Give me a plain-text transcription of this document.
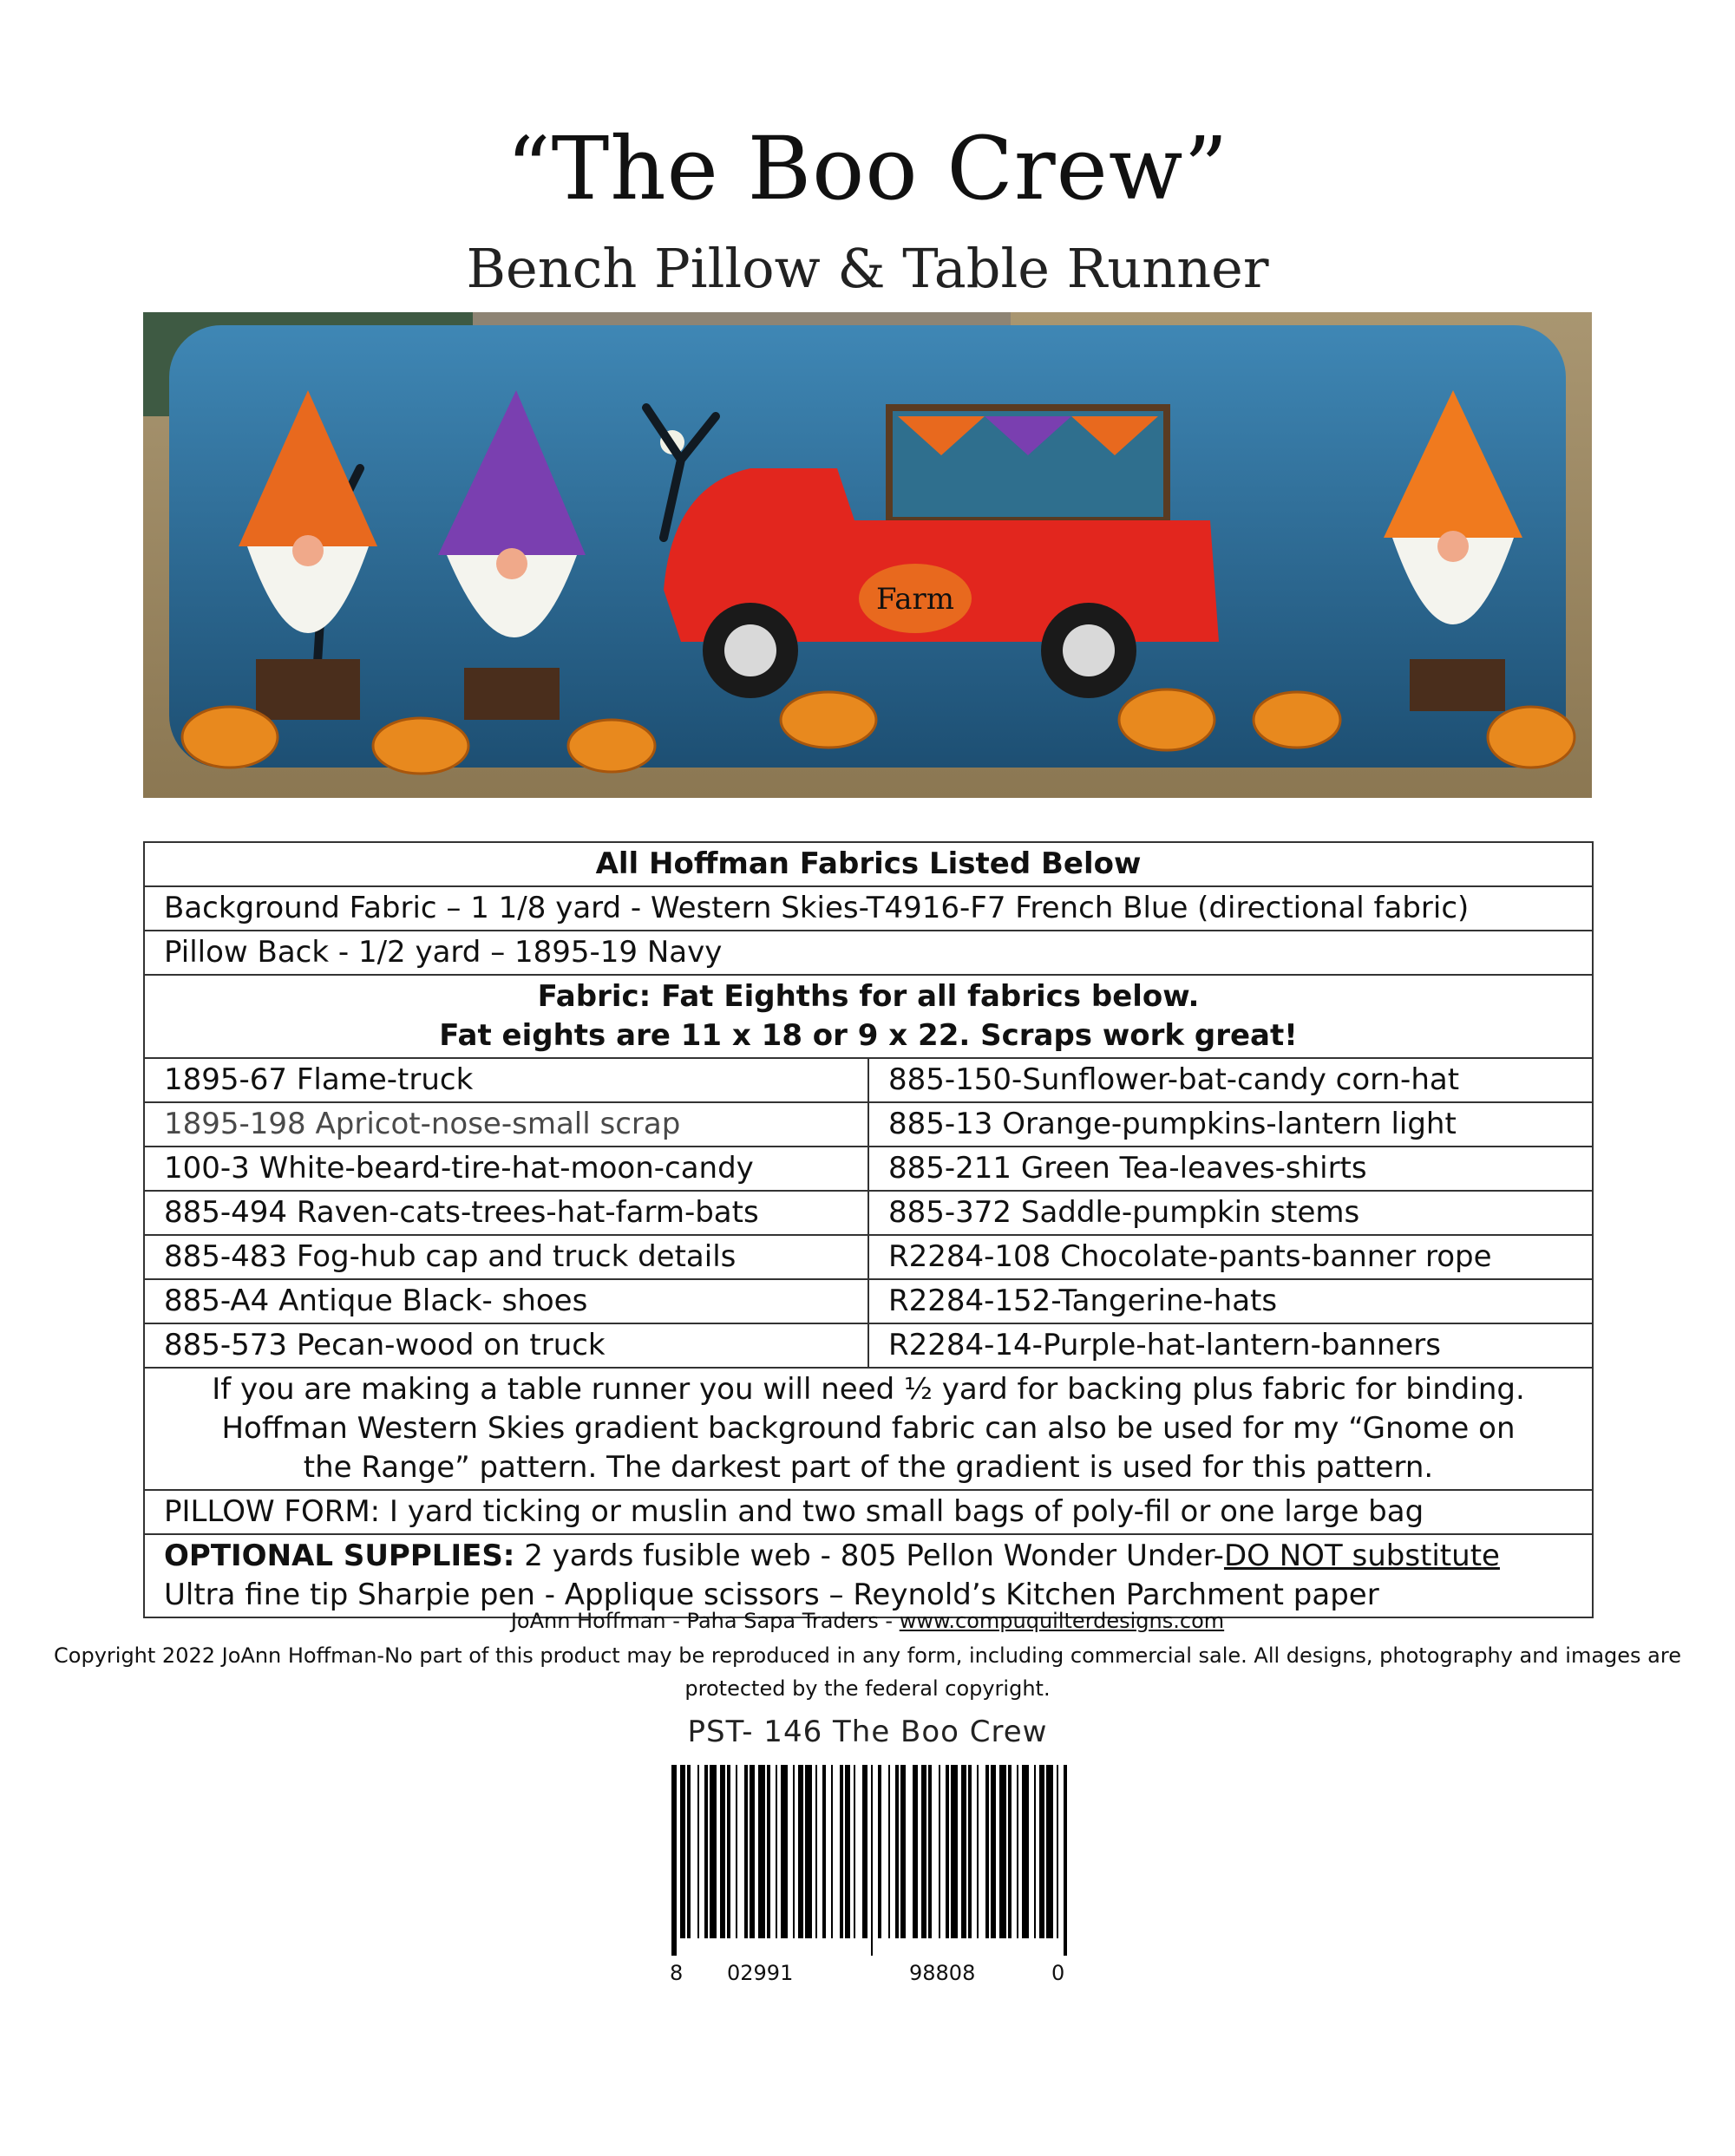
“The Boo Crew”
Bench Pillow & Table Runner
Farm
All Hoffman Fabrics Listed Below	
Background Fabric – 1 1/8 yard - Western Skies-T4916-F7 French Blue (directional fabric)	
Pillow Back - 1/2 yard – 1895-19 Navy	

Fabric: Fat Eighths for all fabrics below.
Fat eights are 11 x 18 or 9 x 22. Scraps work great!	

1895-67 Flame-truck	885-150-Sunflower-bat-candy corn-hat
1895-198 Apricot-nose-small scrap	885-13 Orange-pumpkins-lantern light
100-3 White-beard-tire-hat-moon-candy	885-211 Green Tea-leaves-shirts
885-494 Raven-cats-trees-hat-farm-bats	885-372 Saddle-pumpkin stems
885-483 Fog-hub cap and truck details	R2284-108 Chocolate-pants-banner rope
885-A4 Antique Black- shoes	R2284-152-Tangerine-hats
885-573 Pecan-wood on truck	R2284-14-Purple-hat-lantern-banners

If you are making a table runner you will need ½ yard for backing plus fabric for binding.
Hoffman Western Skies gradient background fabric can also be used for my “Gnome on
the Range” pattern. The darkest part of the gradient is used for this pattern.	

PILLOW FORM: I yard ticking or muslin and two small bags of poly-fil or one large bag	

OPTIONAL SUPPLIES: 2 yards fusible web - 805 Pellon Wonder Under-DO NOT substitute
Ultra fine tip Sharpie pen - Applique scissors – Reynold’s Kitchen Parchment paper	
JoAnn Hoffman - Paha Sapa Traders - www.compuquilterdesigns.com
Copyright 2022 JoAnn Hoffman-No part of this product may be reproduced in any form, including commercial sale. All designs, photography and images are protected by the federal copyright.
PST- 146 The Boo Crew
8 02991	98808	0
